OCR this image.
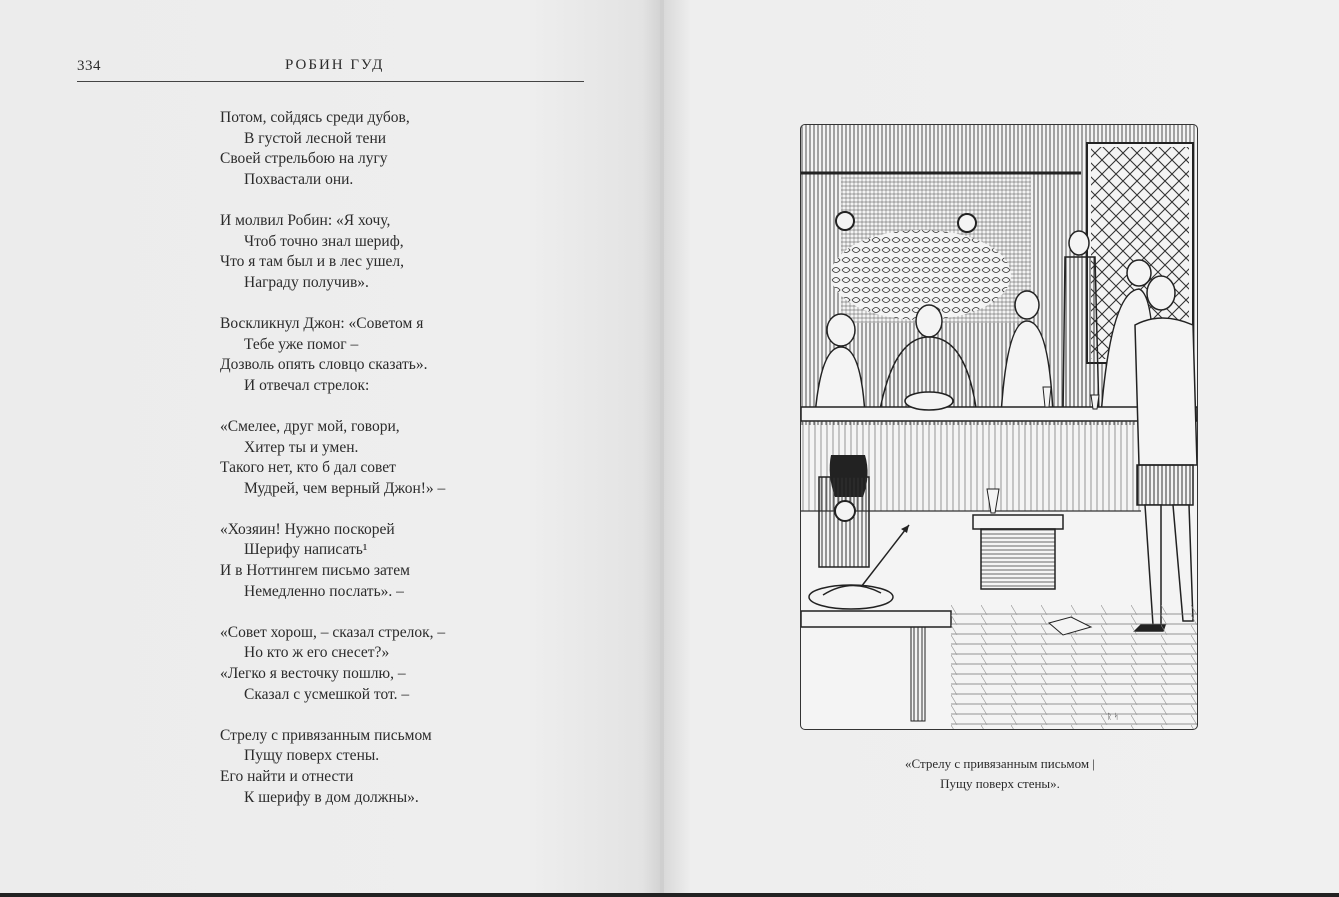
334	РОБИН ГУД
Потом, сойдясь среди дубов,
В густой лесной тени
Своей стрельбою на лугу
Похвастали они.
И молвил Робин: «Я хочу,
Чтоб точно знал шериф,
Что я там был и в лес ушел,
Награду получив».
Воскликнул Джон: «Советом я
Тебе уже помог –
Дозволь опять словцо сказать».
И отвечал стрелок:
«Смелее, друг мой, говори,
Хитер ты и умен.
Такого нет, кто б дал совет
Мудрей, чем верный Джон!» –
«Хозяин! Нужно поскорей
Шерифу написать¹
И в Ноттингем письмо затем
Немедленно послать». –
«Совет хорош, – сказал стрелок, –
Но кто ж его снесет?»
«Легко я весточку пошлю, –
Сказал с усмешкой тот. –
Стрелу с привязанным письмом
Пущу поверх стены.
Его найти и отнести
К шерифу в дом должны».
ᚱ ᛋ
«Стрелу с привязанным письмом |
Пущу поверх стены».
